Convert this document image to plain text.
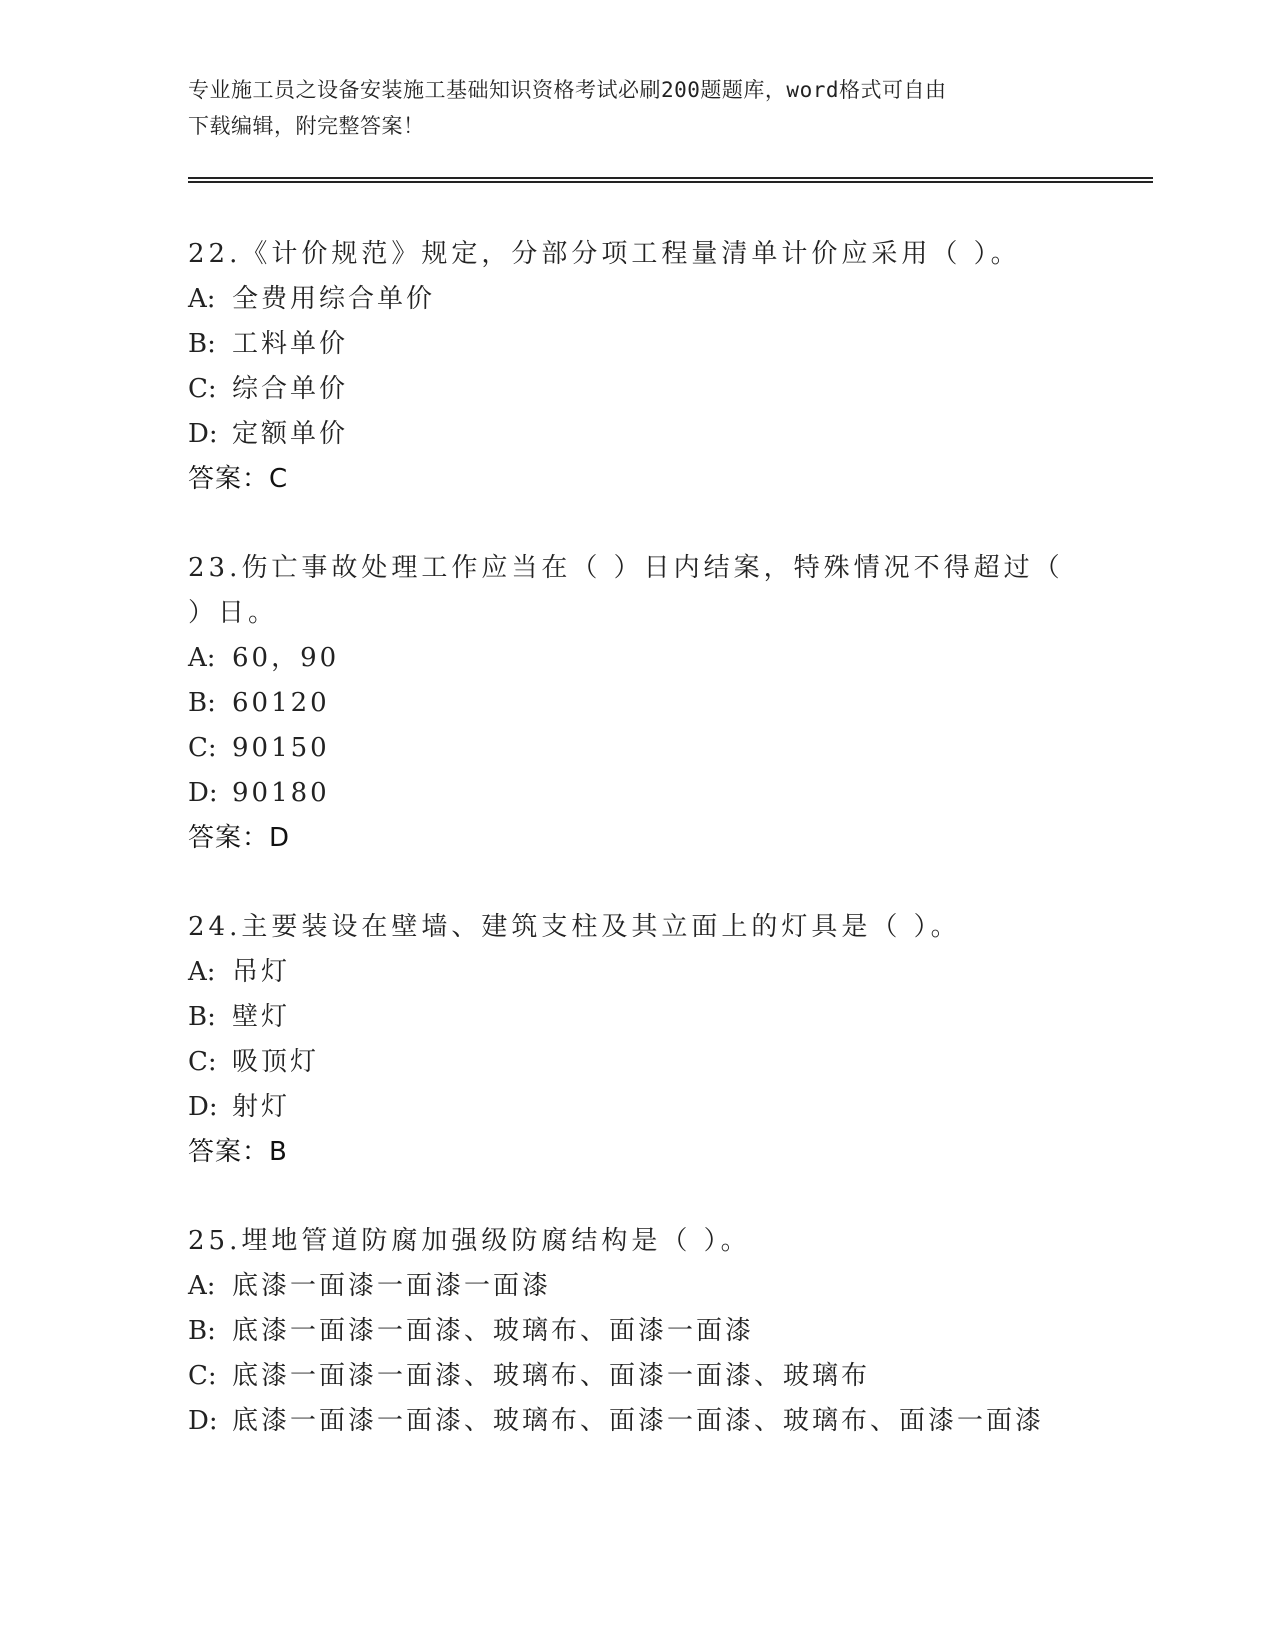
专业施工员之设备安装施工基础知识资格考试必刷200题题库，word格式可自由
下载编辑，附完整答案！
22.《计价规范》规定，分部分项工程量清单计价应采用（ ）。
A: 全费用综合单价
B: 工料单价
C: 综合单价
D: 定额单价
答案：C
23.伤亡事故处理工作应当在（ ）日内结案，特殊情况不得超过（ ）日。
A: 60，90
B: 60120
C: 90150
D: 90180
答案：D
24.主要装设在壁墙、建筑支柱及其立面上的灯具是（ ）。
A: 吊灯
B: 壁灯
C: 吸顶灯
D: 射灯
答案：B
25.埋地管道防腐加强级防腐结构是（ ）。
A: 底漆一面漆一面漆一面漆
B: 底漆一面漆一面漆、玻璃布、面漆一面漆
C: 底漆一面漆一面漆、玻璃布、面漆一面漆、玻璃布
D: 底漆一面漆一面漆、玻璃布、面漆一面漆、玻璃布、面漆一面漆
